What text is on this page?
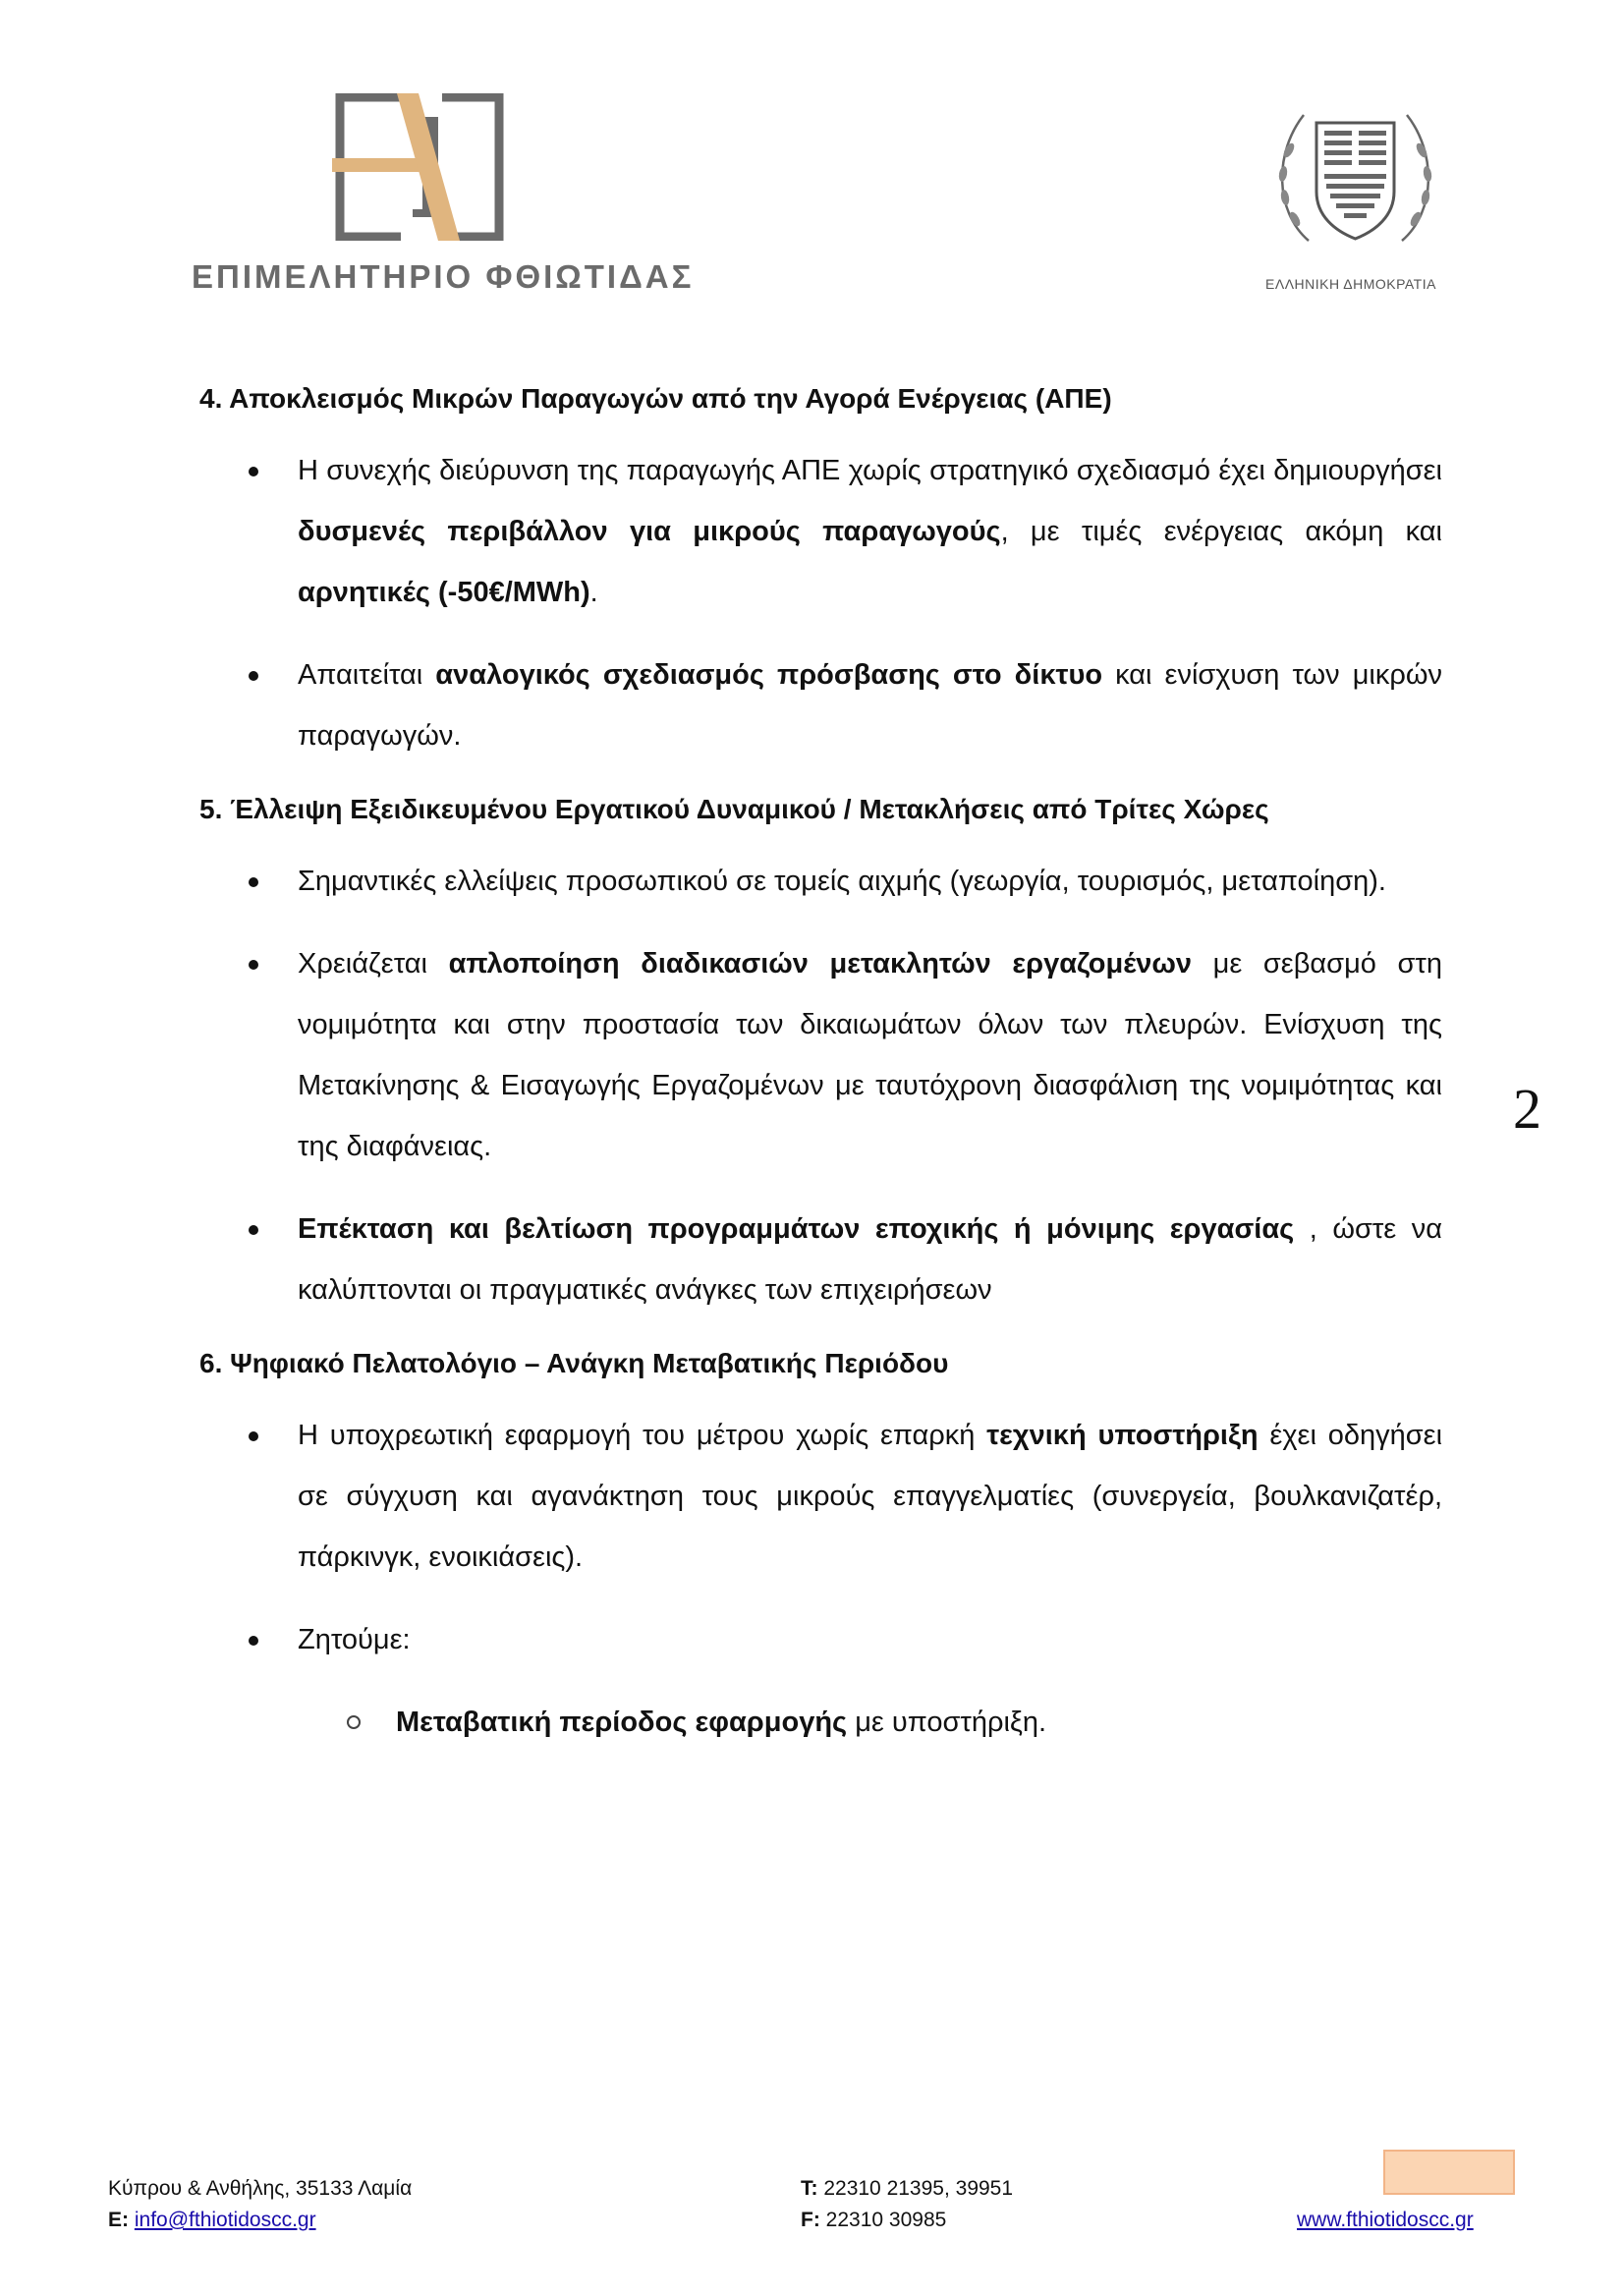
ΕΠΙΜΕΛΗΤΗΡΙΟ ΦΘΙΩΤΙΔΑΣ	ΕΛΛΗΝΙΚΗ ΔΗΜΟΚΡΑΤΙΑ
4. Αποκλεισμός Μικρών Παραγωγών από την Αγορά Ενέργειας (ΑΠΕ)
Η συνεχής διεύρυνση της παραγωγής ΑΠΕ χωρίς στρατηγικό σχεδιασμό έχει δημιουργήσει δυσμενές περιβάλλον για μικρούς παραγωγούς, με τιμές ενέργειας ακόμη και αρνητικές (-50€/MWh).
Απαιτείται αναλογικός σχεδιασμός πρόσβασης στο δίκτυο και ενίσχυση των μικρών παραγωγών.
5. Έλλειψη Εξειδικευμένου Εργατικού Δυναμικού / Μετακλήσεις από Τρίτες Χώρες
Σημαντικές ελλείψεις προσωπικού σε τομείς αιχμής (γεωργία, τουρισμός, μεταποίηση).
Χρειάζεται απλοποίηση διαδικασιών μετακλητών εργαζομένων με σεβασμό στη νομιμότητα και στην προστασία των δικαιωμάτων όλων των πλευρών. Ενίσχυση της Μετακίνησης & Εισαγωγής Εργαζομένων με ταυτόχρονη διασφάλιση της νομιμότητας και της διαφάνειας.
Επέκταση και βελτίωση προγραμμάτων εποχικής ή μόνιμης εργασίας , ώστε να καλύπτονται οι πραγματικές ανάγκες των επιχειρήσεων
6. Ψηφιακό Πελατολόγιο – Ανάγκη Μεταβατικής Περιόδου
Η υποχρεωτική εφαρμογή του μέτρου χωρίς επαρκή τεχνική υποστήριξη έχει οδηγήσει σε σύγχυση και αγανάκτηση τους μικρούς επαγγελματίες (συνεργεία, βουλκανιζατέρ, πάρκινγκ, ενοικιάσεις).
Ζητούμε:
Μεταβατική περίοδος εφαρμογής με υποστήριξη.
2
Κύπρου & Ανθήλης, 35133 Λαμία
E: info@fthiotidoscc.gr
T: 22310 21395, 39951
F: 22310 30985	www.fthiotidoscc.gr
